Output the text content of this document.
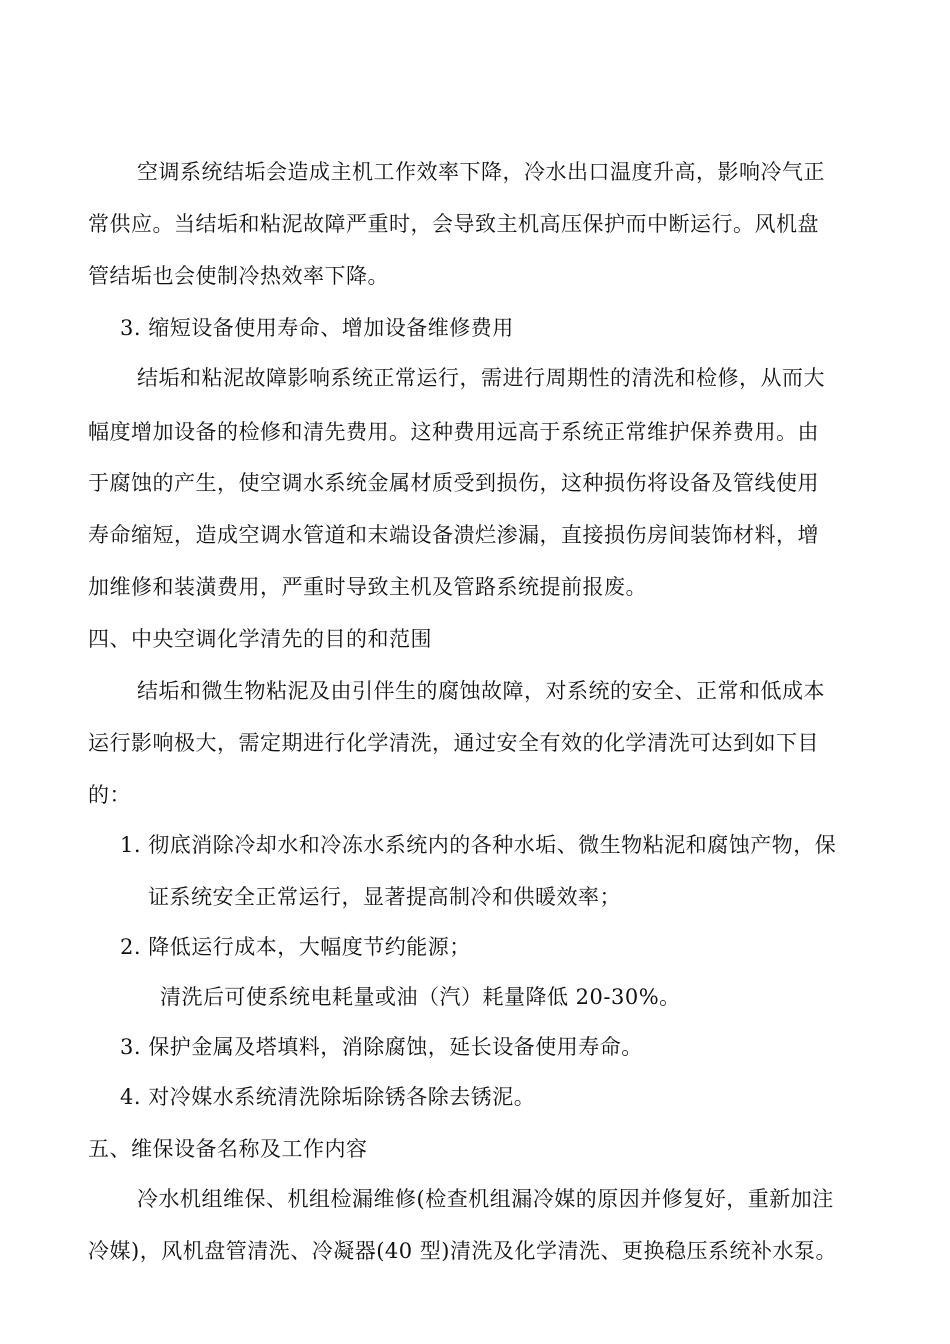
空调系统结垢会造成主机工作效率下降，冷水出口温度升高，影响冷气正
常供应。当结垢和粘泥故障严重时，会导致主机高压保护而中断运行。风机盘
管结垢也会使制冷热效率下降。
3. 缩短设备使用寿命、增加设备维修费用
结垢和粘泥故障影响系统正常运行，需进行周期性的清洗和检修，从而大
幅度增加设备的检修和清先费用。这种费用远高于系统正常维护保养费用。由
于腐蚀的产生，使空调水系统金属材质受到损伤，这种损伤将设备及管线使用
寿命缩短，造成空调水管道和末端设备溃烂渗漏，直接损伤房间装饰材料，增
加维修和装潢费用，严重时导致主机及管路系统提前报废。
四、中央空调化学清先的目的和范围
结垢和微生物粘泥及由引伴生的腐蚀故障，对系统的安全、正常和低成本
运行影响极大，需定期进行化学清洗，通过安全有效的化学清洗可达到如下目
的：
1. 彻底消除冷却水和冷冻水系统内的各种水垢、微生物粘泥和腐蚀产物，保
证系统安全正常运行，显著提高制冷和供暖效率；
2. 降低运行成本，大幅度节约能源；
清洗后可使系统电耗量或油（汽）耗量降低 20-30%。
3. 保护金属及塔填料，消除腐蚀，延长设备使用寿命。
4. 对冷媒水系统清洗除垢除锈各除去锈泥。
五、维保设备名称及工作内容
冷水机组维保、机组检漏维修(检查机组漏冷媒的原因并修复好，重新加注
冷媒)，风机盘管清洗、冷凝器(40 型)清洗及化学清洗、更换稳压系统补水泵。
